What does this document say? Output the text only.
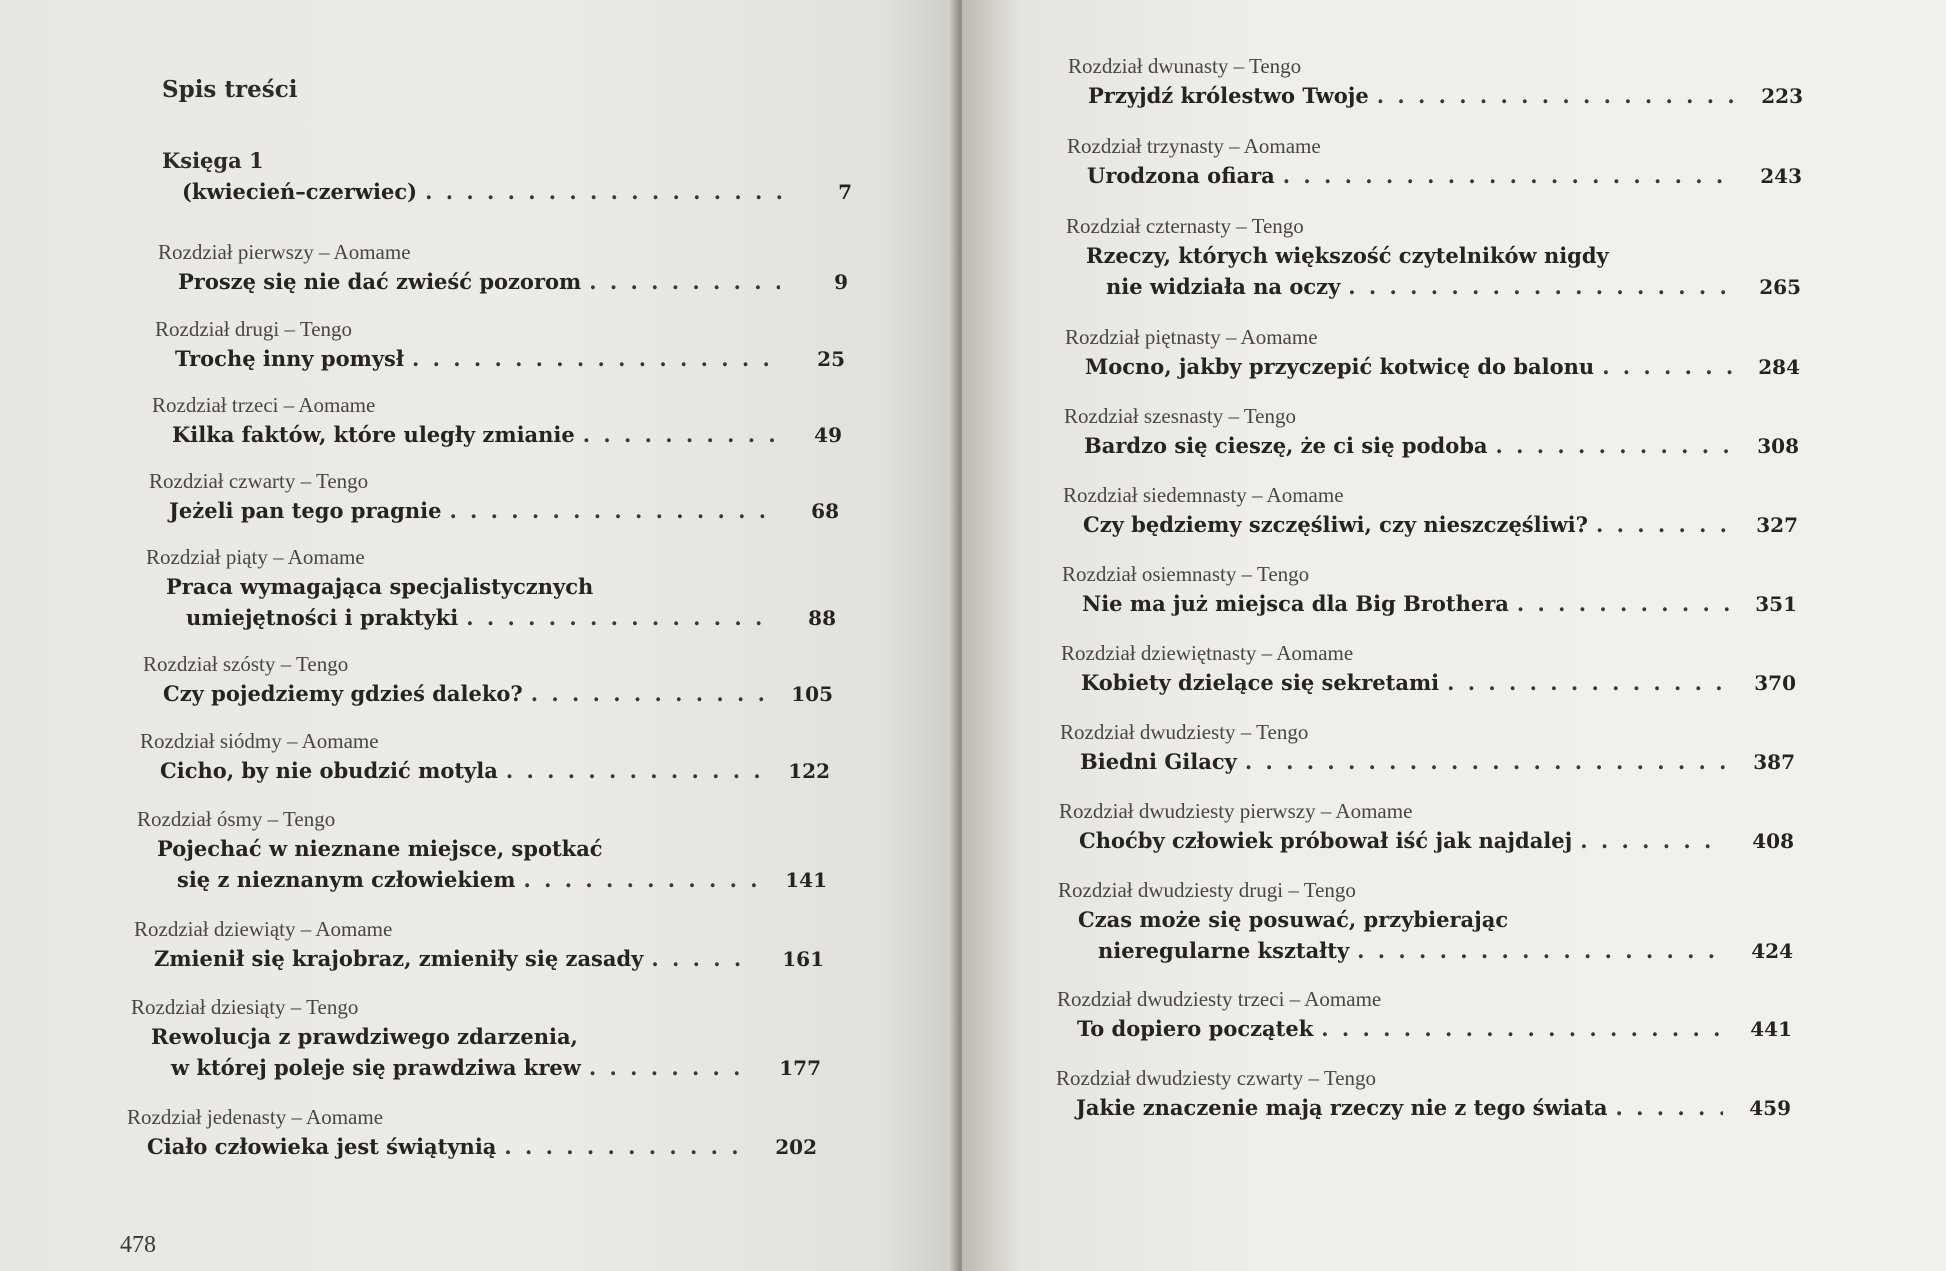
Spis treści
Księga 1
(kwiecień–czerwiec) . . .	7
Rozdział pierwszy – Aomame
Proszę się nie dać zwieść pozorom . . .	9
Rozdział drugi – Tengo
Trochę inny pomysł . . .	25
Rozdział trzeci – Aomame
Kilka faktów, które uległy zmianie . . .	49
Rozdział czwarty – Tengo
Jeżeli pan tego pragnie . . .	68
Rozdział piąty – Aomame
Praca wymagająca specjalistycznych
umiejętności i praktyki . . .	88
Rozdział szósty – Tengo
Czy pojedziemy gdzieś daleko? . . .	105
Rozdział siódmy – Aomame
Cicho, by nie obudzić motyla . . .	122
Rozdział ósmy – Tengo
Pojechać w nieznane miejsce, spotkać
się z nieznanym człowiekiem . . .	141
Rozdział dziewiąty – Aomame
Zmienił się krajobraz, zmieniły się zasady . . .	161
Rozdział dziesiąty – Tengo
Rewolucja z prawdziwego zdarzenia,
w której poleje się prawdziwa krew . . .	177
Rozdział jedenasty – Aomame
Ciało człowieka jest świątynią . . .	202
478
Rozdział dwunasty – Tengo
Przyjdź królestwo Twoje . . .	223
Rozdział trzynasty – Aomame
Urodzona ofiara . . .	243
Rozdział czternasty – Tengo
Rzeczy, których większość czytelników nigdy
nie widziała na oczy . . .	265
Rozdział piętnasty – Aomame
Mocno, jakby przyczepić kotwicę do balonu . . .	284
Rozdział szesnasty – Tengo
Bardzo się cieszę, że ci się podoba . . .	308
Rozdział siedemnasty – Aomame
Czy będziemy szczęśliwi, czy nieszczęśliwi? . . .	327
Rozdział osiemnasty – Tengo
Nie ma już miejsca dla Big Brothera . . .	351
Rozdział dziewiętnasty – Aomame
Kobiety dzielące się sekretami . . .	370
Rozdział dwudziesty – Tengo
Biedni Gilacy . . .	387
Rozdział dwudziesty pierwszy – Aomame
Choćby człowiek próbował iść jak najdalej . . .	408
Rozdział dwudziesty drugi – Tengo
Czas może się posuwać, przybierając
nieregularne kształty . . .	424
Rozdział dwudziesty trzeci – Aomame
To dopiero początek . . .	441
Rozdział dwudziesty czwarty – Tengo
Jakie znaczenie mają rzeczy nie z tego świata . . .	459
